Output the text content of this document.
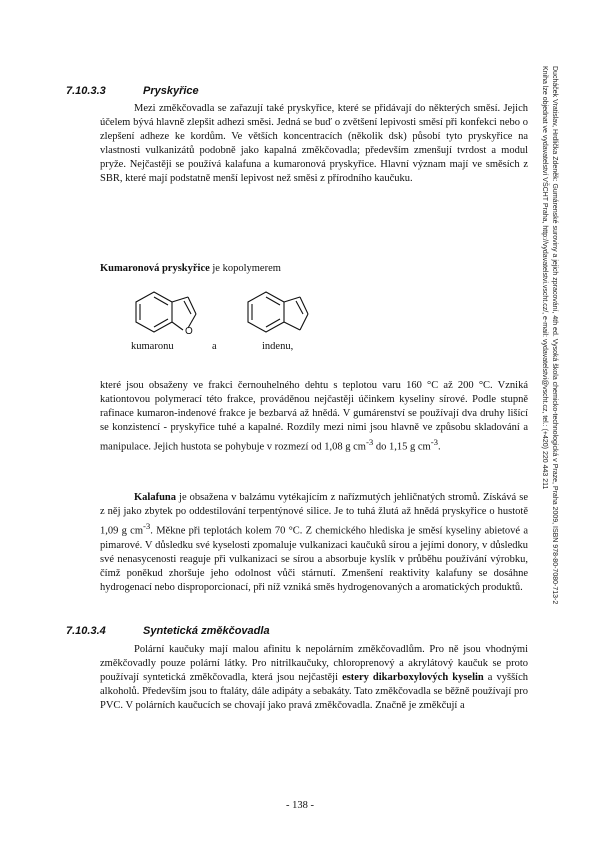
Ducháček Vratislav, Hrdlička Zdeněk: Gumárenské suroviny a jejich zpracování, 4th ed. Vysoká škola chemicko-technologická v Praze, Praha 2009, ISBN 978-80-7080-713-2
Kniha lze objednat ve vydavatelství VŠCHT Praha, http://vydavatelstvi.vscht.cz/, e-mail: vydavatelstvi@vscht.cz, tel.: (+420) 220 443 211
7.10.3.3	Pryskyřice

Mezi změkčovadla se zařazují také pryskyřice, které se přidávají do některých směsí. Jejich účelem bývá hlavně zlepšit adhezi směsi. Jedná se buď o zvětšení lepivosti směsí při konfekci nebo o zlepšení adheze ke kordům. Ve větších koncentracích (několik dsk) působí tyto pryskyřice na vlastnosti vulkanizátů podobně jako kapalná změkčovadla; především zmenšují tvrdost a modul pryže. Nejčastěji se používá kalafuna a kumaronová pryskyřice. Hlavní význam mají ve směsích z SBR, které mají podstatně menší lepivost než směsi z přírodního kaučuku.

Kumaronová pryskyřice je kopolymerem

O
kumaronu	a	indenu,

které jsou obsaženy ve frakci černouhelného dehtu s teplotou varu 160 °C až 200 °C. Vzniká kationtovou polymerací této frakce, prováděnou nejčastěji účinkem kyseliny sírové. Podle stupně rafinace kumaron-indenové frakce je bezbarvá až hnědá. V gumárenství se používají dva druhy lišící se konzistencí - pryskyřice tuhé a kapalné. Rozdíly mezi nimi jsou hlavně ve způsobu skladování a manipulace. Jejich hustota se pohybuje v rozmezí od 1,08 g $cm^{-3}$ do 1,15 g $cm^{-3}$.

Kalafuna je obsažena v balzámu vytékajícím z nařízmutých jehličnatých stromů. Získává se z něj jako zbytek po oddestilování terpentýnové silice. Je to tuhá žlutá až hnědá pryskyřice o hustotě 1,09 g $cm^{-3}$. Měkne při teplotách kolem 70 °C. Z chemického hlediska je směsí kyseliny abietové a pimarové. V důsledku své kyselosti zpomaluje vulkanizaci kaučuků sírou a jejími donory, v důsledku své nenasycenosti reaguje při vulkanizaci se sírou a absorbuje kyslík v průběhu používání výrobku, čímž poněkud zhoršuje jeho odolnost vůči stárnutí. Zmenšení reaktivity kalafuny se dosáhne hydrogenací nebo disproporcionací, při níž vzniká směs hydrogenovaných a aromatických produktů.

7.10.3.4	Syntetická změkčovadla

Polární kaučuky mají malou afinitu k nepolárním změkčovadlům. Pro ně jsou vhodnými změkčovadly pouze polární látky. Pro nitrilkaučuky, chloroprenový a akrylátový kaučuk se proto používají syntetická změkčovadla, která jsou nejčastěji estery dikarboxylových kyselin a vyšších alkoholů. Především jsou to ftaláty, dále adipáty a sebakáty. Tato změkčovadla se běžně používají pro PVC. V polárních kaučucích se chovají jako pravá změkčovadla. Značně je změkčují a

- 138 -
